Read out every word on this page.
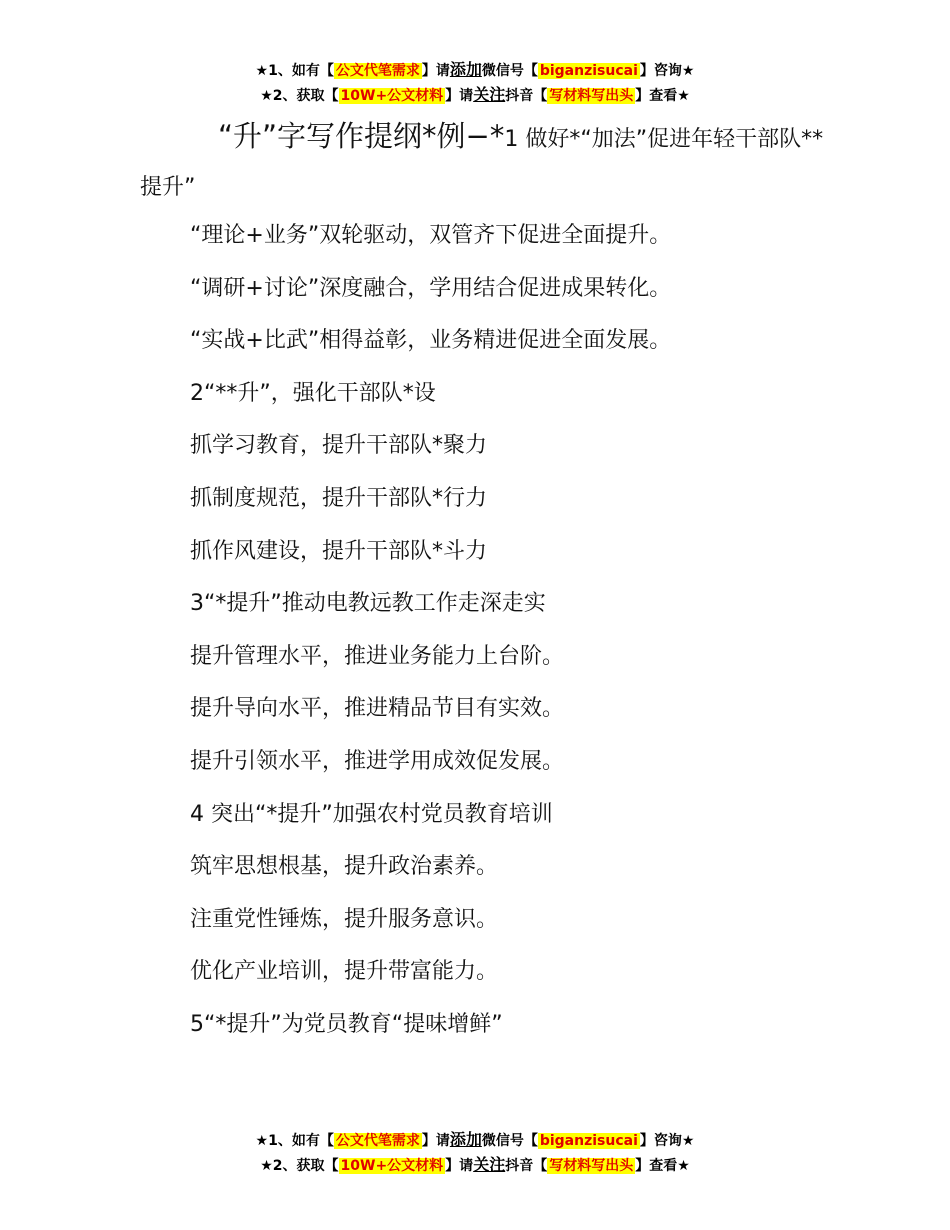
★1、如有【 公文代笔需求 】请添加微信号【 biganzisucai 】咨询★
★2、获取【 10W+公文材料 】请关注抖音【 写材料写出头 】查看★
“升”字写作提纲*例−*1 做好*“加法”促进年轻干部队**提升”
“理论+业务”双轮驱动，双管齐下促进全面提升。
“调研+讨论”深度融合，学用结合促进成果转化。
“实战+比武”相得益彰，业务精进促进全面发展。
2“**升”，强化干部队*设
抓学习教育，提升干部队*聚力
抓制度规范，提升干部队*行力
抓作风建设，提升干部队*斗力
3“*提升”推动电教远教工作走深走实
提升管理水平，推进业务能力上台阶。
提升导向水平，推进精品节目有实效。
提升引领水平，推进学用成效促发展。
4 突出“*提升”加强农村党员教育培训
筑牢思想根基，提升政治素养。
注重党性锤炼，提升服务意识。
优化产业培训，提升带富能力。
5“*提升”为党员教育“提味增鲜”
★1、如有【 公文代笔需求 】请添加微信号【 biganzisucai 】咨询★
★2、获取【 10W+公文材料 】请关注抖音【 写材料写出头 】查看★
